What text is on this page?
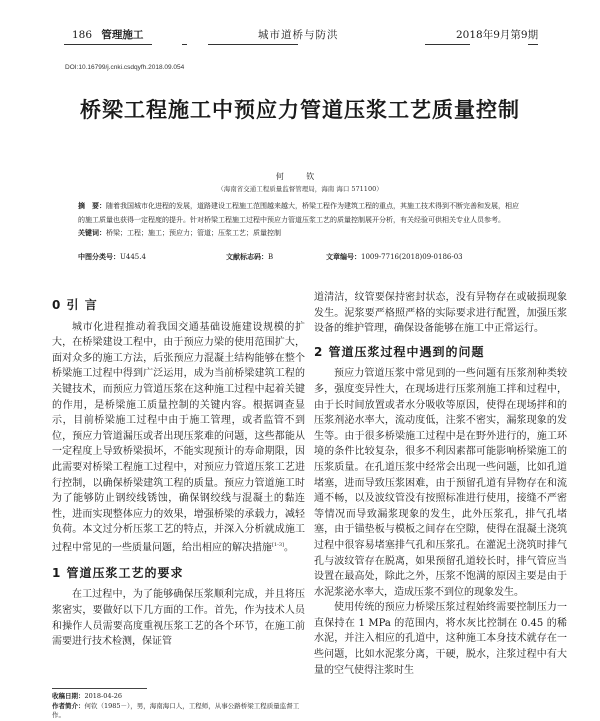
186 管理施工	城市道桥与防洪	2018年9月第9期
DOI:10.16799/j.cnki.csdqyfh.2018.09.054
桥梁工程施工中预应力管道压浆工艺质量控制
何 钦
（海南省交通工程质量监督管理局，海南 海口 571100）
摘　要：随着我国城市化进程的发展，道路建设工程施工范围越来越大，桥梁工程作为建筑工程的重点，其施工技术得到不断完善和发展，相应的施工质量也获得一定程度的提升。针对桥梁工程施工过程中预应力管道压浆工艺的质量控制展开分析，有关经验可供相关专业人员参考。
关键词：桥梁；工程；施工；预应力；管道；压浆工艺；质量控制
中图分类号：U445.4	文献标志码：B	文章编号：1009-7716(2018)09-0186-03
0 引 言

城市化进程推动着我国交通基础设施建设规模的扩大，在桥梁建设工程中，由于预应力梁的使用范围扩大，面对众多的施工方法，后张预应力混凝土结构能够在整个桥梁施工过程中得到广泛运用，成为当前桥梁建筑工程的关键技术，而预应力管道压浆在这种施工过程中起着关键的作用，是桥梁施工质量控制的关键内容。根据调查显示，目前桥梁施工过程中由于施工管理，或者监管不到位，预应力管道漏压或者出现压浆难的问题，这些都能从一定程度上导致桥梁损坏，不能实现预计的寿命期限，因此需要对桥梁工程施工过程中，对预应力管道压浆工艺进行控制，以确保桥梁建筑工程的质量。预应力管道施工时为了能够防止钢绞线锈蚀，确保钢绞线与混凝土的黏连性，进而实现整体应力的效果，增强桥梁的承载力，减轻负荷。本文过分析压浆工艺的特点，并深入分析就成施工过程中常见的一些质量问题，给出相应的解决措施[1-3]。

1 管道压浆工艺的要求

在工过程中，为了能够确保压浆顺利完成，并且将压浆密实，要做好以下几方面的工作。首先，作为技术人员和操作人员需要高度重视压浆工艺的各个环节，在施工前需要进行技术检测，保证管

收稿日期：2018-04-26
作者简介：何钦（1985－），男，海南海口人，工程师，从事公路桥梁工程质量监督工作。

道清洁，纹管要保持密封状态，没有异物存在或破损现象发生。泥浆要严格照严格的实际要求进行配置，加强压浆设备的维护管理，确保设备能够在施工中正常运行。

2 管道压浆过程中遇到的问题

预应力管道压浆中常见到的一些问题有压浆剂种类较多，强度变异性大，在现场进行压浆剂施工拌和过程中，由于长时间放置或者水分吸收等原因，使得在现场拌和的压浆剂泌水率大，流动度低，注浆不密实，漏浆现象的发生等。由于很多桥梁施工过程中是在野外进行的，施工环境的条件比较复杂，很多不利因素都可能影响桥梁施工的压浆质量。在孔道压浆中经常会出现一些问题，比如孔道堵塞，进而导致压浆困难，由于预留孔道有异物存在和流通不畅，以及波纹管没有按照标准进行使用，接缝不严密等情况而导致漏浆现象的发生，此外压浆孔，排气孔堵塞，由于锚垫板与模板之间存在空隙，使得在混凝土浇筑过程中很容易堵塞排气孔和压浆孔。在灌泥土浇筑时排气孔与波纹管存在脱离，如果预留孔道较长时，排气管应当设置在最高处，除此之外，压浆不饱满的原因主要是由于水泥浆泌水率大，造成压浆不到位的现象发生。

使用传统的预应力桥梁压浆过程始终需要控制压力一直保持在 1 MPa 的范围内，将水灰比控制在 0.45 的稀水泥，并注入相应的孔道中，这种施工本身技术就存在一些问题，比如水泥浆分离，干硬，脱水，注浆过程中有大量的空气使得注浆时生
